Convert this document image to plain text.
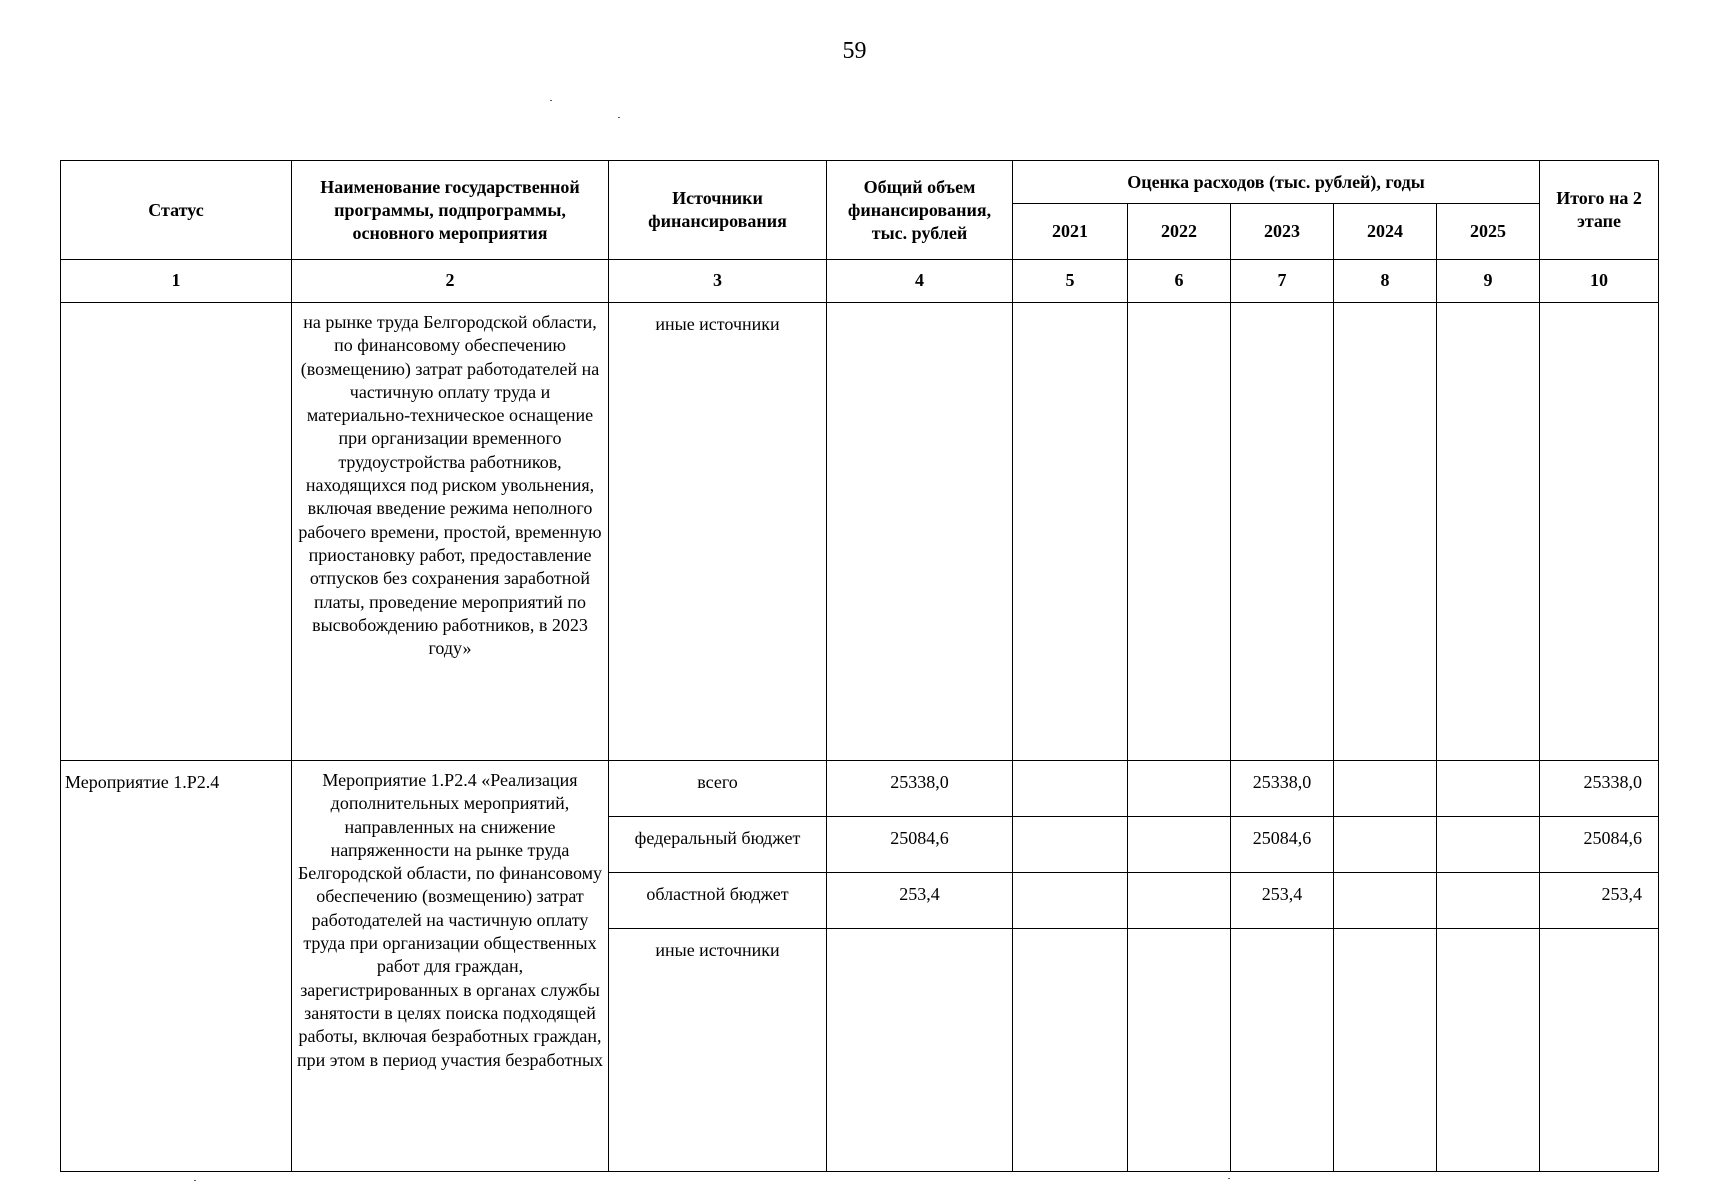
59
Статус	Наименование государственной программы, подпрограммы, основного мероприятия	Источники финансирования	Общий объем финансирования, тыс. рублей	Оценка расходов (тыс. рублей), годы					Итого на 2 этапе
				2021	2022	2023	2024	2025	
1	2	3	4	5	6	7	8	9	10
	на рынке труда Белгородской области, по финансовому обеспечению (возмещению) затрат работодателей на частичную оплату труда и материально-техническое оснащение при организации временного трудоустройства работников, находящихся под риском увольнения, включая введение режима неполного рабочего времени, простой, временную приостановку работ, предоставление отпусков без сохранения заработной платы, проведение мероприятий по высвобождению работников, в 2023 году»	иные источники							
Мероприятие 1.Р2.4	Мероприятие 1.Р2.4 «Реализация дополнительных мероприятий, направленных на снижение напряженности на рынке труда Белгородской области, по финансовому обеспечению (возмещению) затрат работодателей на частичную оплату труда при организации общественных работ для граждан, зарегистрированных в органах службы занятости в целях поиска подходящей работы, включая безработных граждан, при этом в период участия безработных	всего	25338,0			25338,0			25338,0
		федеральный бюджет	25084,6			25084,6			25084,6
		областной бюджет	253,4			253,4			253,4
		иные источники							
